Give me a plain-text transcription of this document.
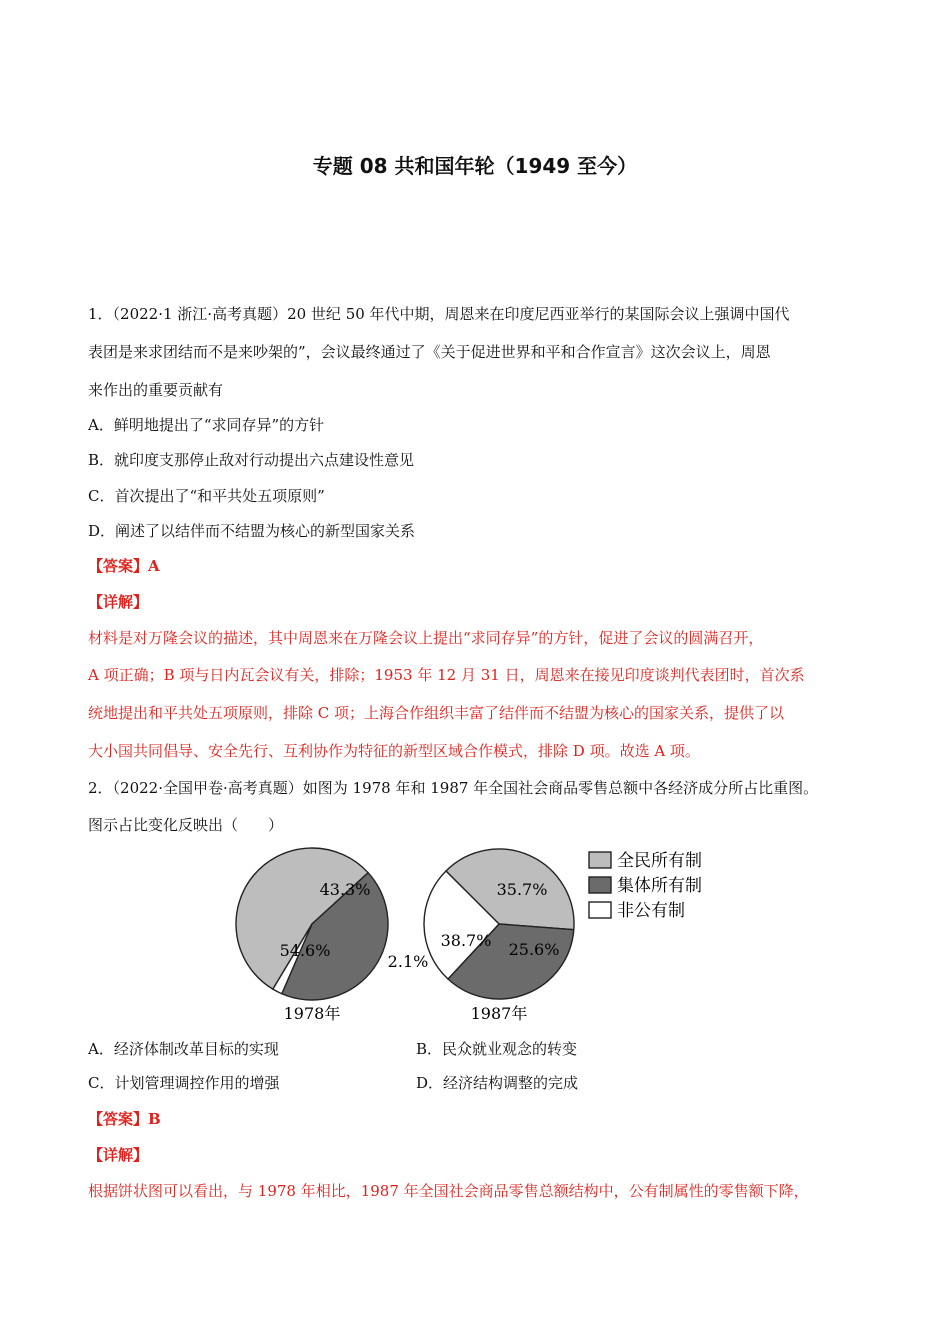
专题 08 共和国年轮（1949 至今）
1．（2022·1 浙江·高考真题）20 世纪 50 年代中期，周恩来在印度尼西亚举行的某国际会议上强调中国代
表团是来求团结而不是来吵架的”，会议最终通过了《关于促进世界和平和合作宣言》这次会议上，周恩
来作出的重要贡献有
A．鲜明地提出了“求同存异”的方针
B．就印度支那停止敌对行动提出六点建设性意见
C．首次提出了“和平共处五项原则”
D．阐述了以结伴而不结盟为核心的新型国家关系
【答案】A
【详解】
材料是对万隆会议的描述，其中周恩来在万隆会议上提出“求同存异”的方针，促进了会议的圆满召开，
A 项正确；B 项与日内瓦会议有关，排除；1953 年 12 月 31 日，周恩来在接见印度谈判代表团时，首次系
统地提出和平共处五项原则，排除 C 项；上海合作组织丰富了结伴而不结盟为核心的国家关系，提供了以
大小国共同倡导、安全先行、互利协作为特征的新型区域合作模式，排除 D 项。故选 A 项。
2．（2022·全国甲卷·高考真题）如图为 1978 年和 1987 年全国社会商品零售总额中各经济成分所占比重图。
图示占比变化反映出（　　）
54.6%
43.3%
2.1%
38.7%
35.7%
25.6%
1978年	1987年
全民所有制
集体所有制
非公有制
A．经济体制改革目标的实现	B．民众就业观念的转变
C．计划管理调控作用的增强	D．经济结构调整的完成
【答案】B
【详解】
根据饼状图可以看出，与 1978 年相比，1987 年全国社会商品零售总额结构中，公有制属性的零售额下降，
